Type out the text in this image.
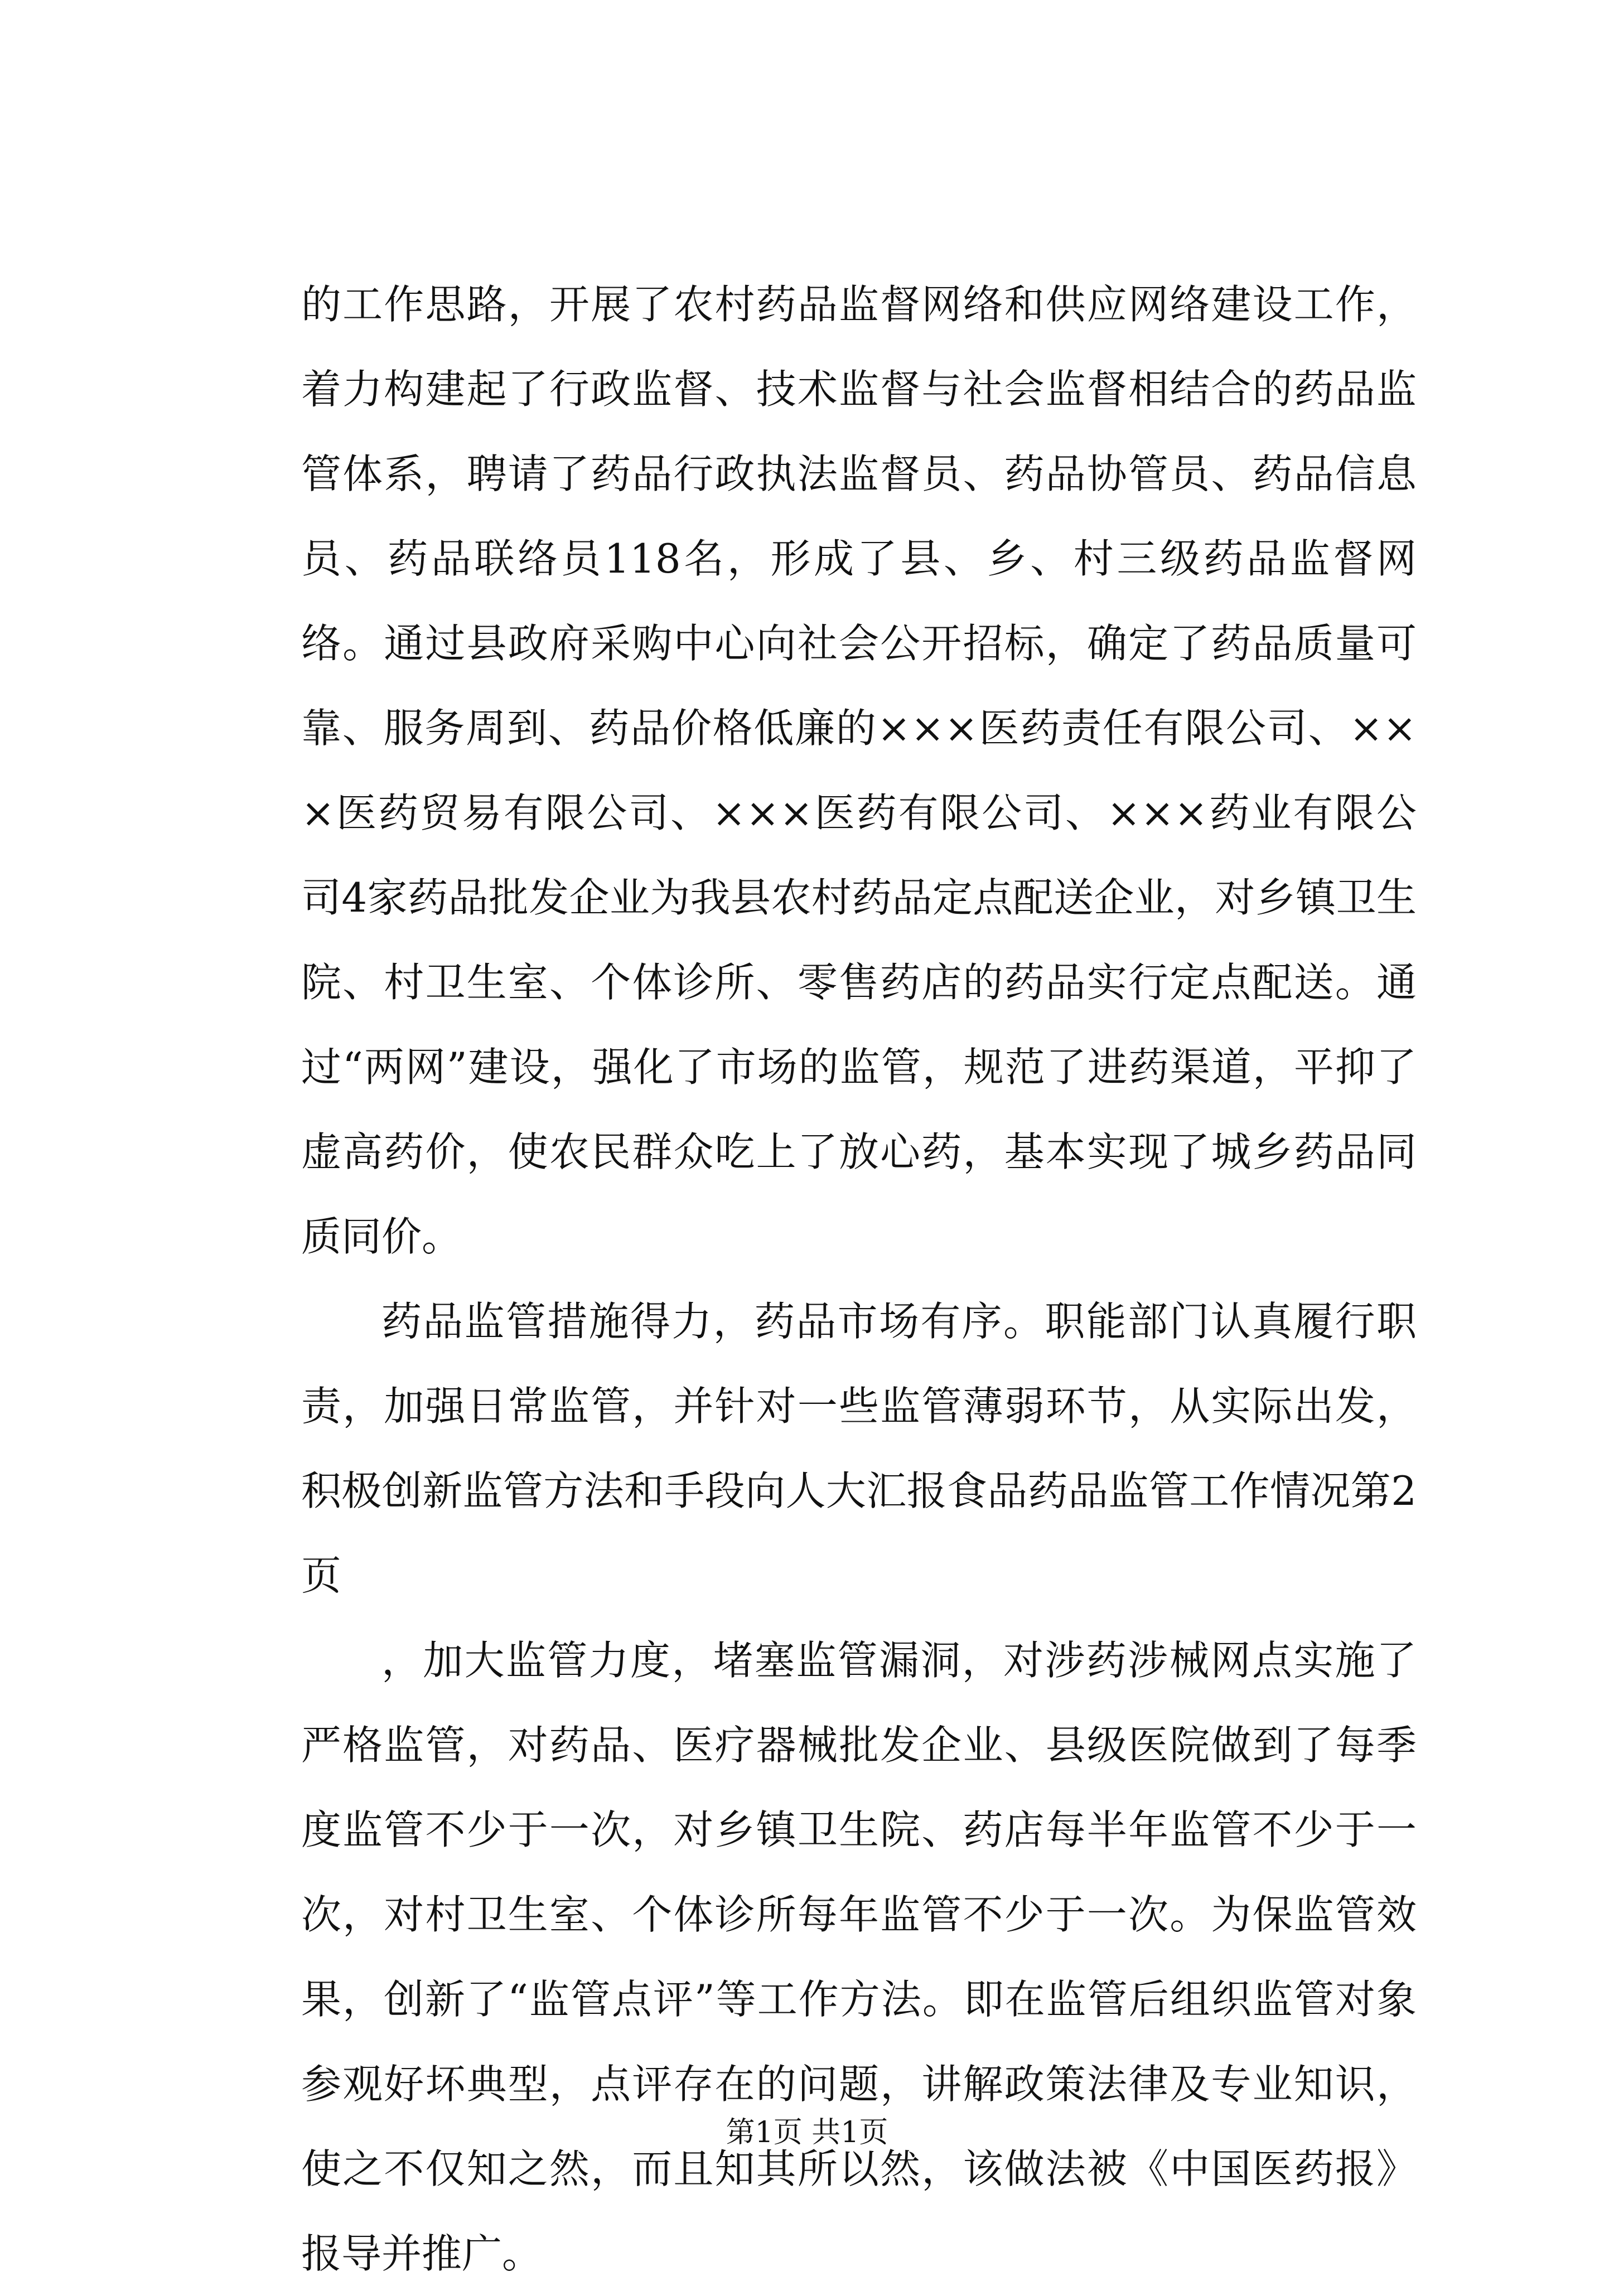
的工作思路，开展了农村药品监督网络和供应网络建设工作，着力构建起了行政监督、技术监督与社会监督相结合的药品监管体系，聘请了药品行政执法监督员、药品协管员、药品信息员、药品联络员118名，形成了县、乡、村三级药品监督网络。通过县政府采购中心向社会公开招标，确定了药品质量可靠、服务周到、药品价格低廉的×××医药责任有限公司、×××医药贸易有限公司、×××医药有限公司、×××药业有限公司4家药品批发企业为我县农村药品定点配送企业，对乡镇卫生院、村卫生室、个体诊所、零售药店的药品实行定点配送。通过“两网”建设，强化了市场的监管，规范了进药渠道，平抑了虚高药价，使农民群众吃上了放心药，基本实现了城乡药品同质同价。

药品监管措施得力，药品市场有序。职能部门认真履行职责，加强日常监管，并针对一些监管薄弱环节，从实际出发，积极创新监管方法和手段向人大汇报食品药品监管工作情况第2页

，加大监管力度，堵塞监管漏洞，对涉药涉械网点实施了严格监管，对药品、医疗器械批发企业、县级医院做到了每季度监管不少于一次，对乡镇卫生院、药店每半年监管不少于一次，对村卫生室、个体诊所每年监管不少于一次。为保监管效果，创新了“监管点评”等工作方法。即在监管后组织监管对象参观好坏典型，点评存在的问题，讲解政策法律及专业知识，使之不仅知之然，而且知其所以然，该做法被《中国医药报》报导并推广。

第1页 共1页
